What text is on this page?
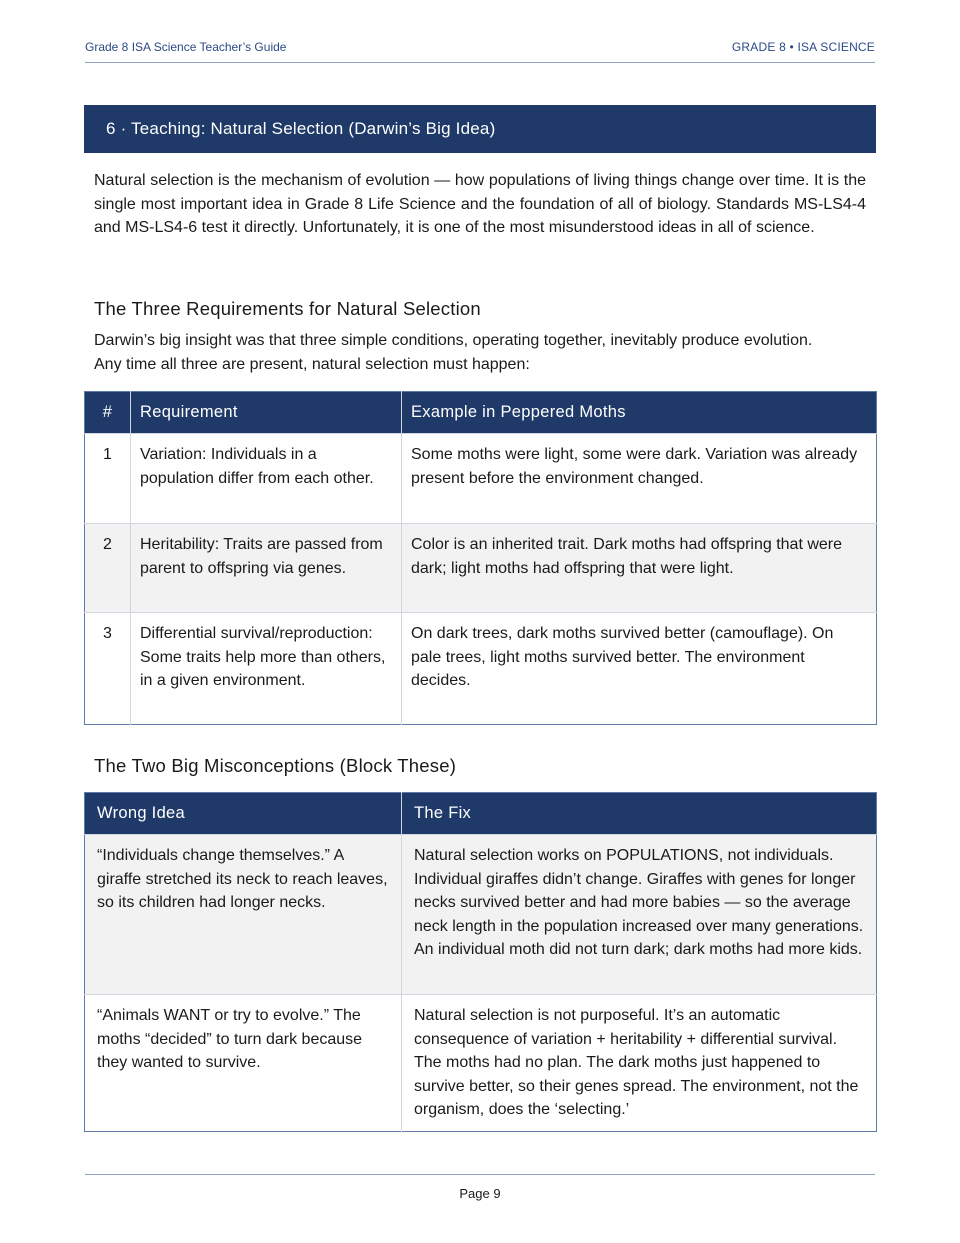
Grade 8 ISA Science Teacher’s Guide	GRADE 8 • ISA SCIENCE
6 · Teaching: Natural Selection (Darwin’s Big Idea)

Natural selection is the mechanism of evolution — how populations of living things change over time. It is the single most important idea in Grade 8 Life Science and the foundation of all of biology. Standards MS-LS4-4 and MS-LS4-6 test it directly. Unfortunately, it is one of the most misunderstood ideas in all of science.

The Three Requirements for Natural Selection

Darwin’s big insight was that three simple conditions, operating together, inevitably produce evolution. Any time all three are present, natural selection must happen:

#	Requirement	Example in Peppered Moths
1	Variation: Individuals in a population differ from each other.	Some moths were light, some were dark. Variation was already present before the environment changed.
2	Heritability: Traits are passed from parent to offspring via genes.	Color is an inherited trait. Dark moths had offspring that were dark; light moths had offspring that were light.
3	Differential survival/reproduction: Some traits help more than others, in a given environment.	On dark trees, dark moths survived better (camouflage). On pale trees, light moths survived better. The environment decides.
The Two Big Misconceptions (Block These)
Wrong Idea	The Fix
“Individuals change themselves.” A giraffe stretched its neck to reach leaves, so its children had longer necks.	Natural selection works on POPULATIONS, not individuals. Individual giraffes didn’t change. Giraffes with genes for longer necks survived better and had more babies — so the average neck length in the population increased over many generations. An individual moth did not turn dark; dark moths had more kids.
“Animals WANT or try to evolve.” The moths “decided” to turn dark because they wanted to survive.	Natural selection is not purposeful. It’s an automatic consequence of variation + heritability + differential survival. The moths had no plan. The dark moths just happened to survive better, so their genes spread. The environment, not the organism, does the ‘selecting.’
Page 9
